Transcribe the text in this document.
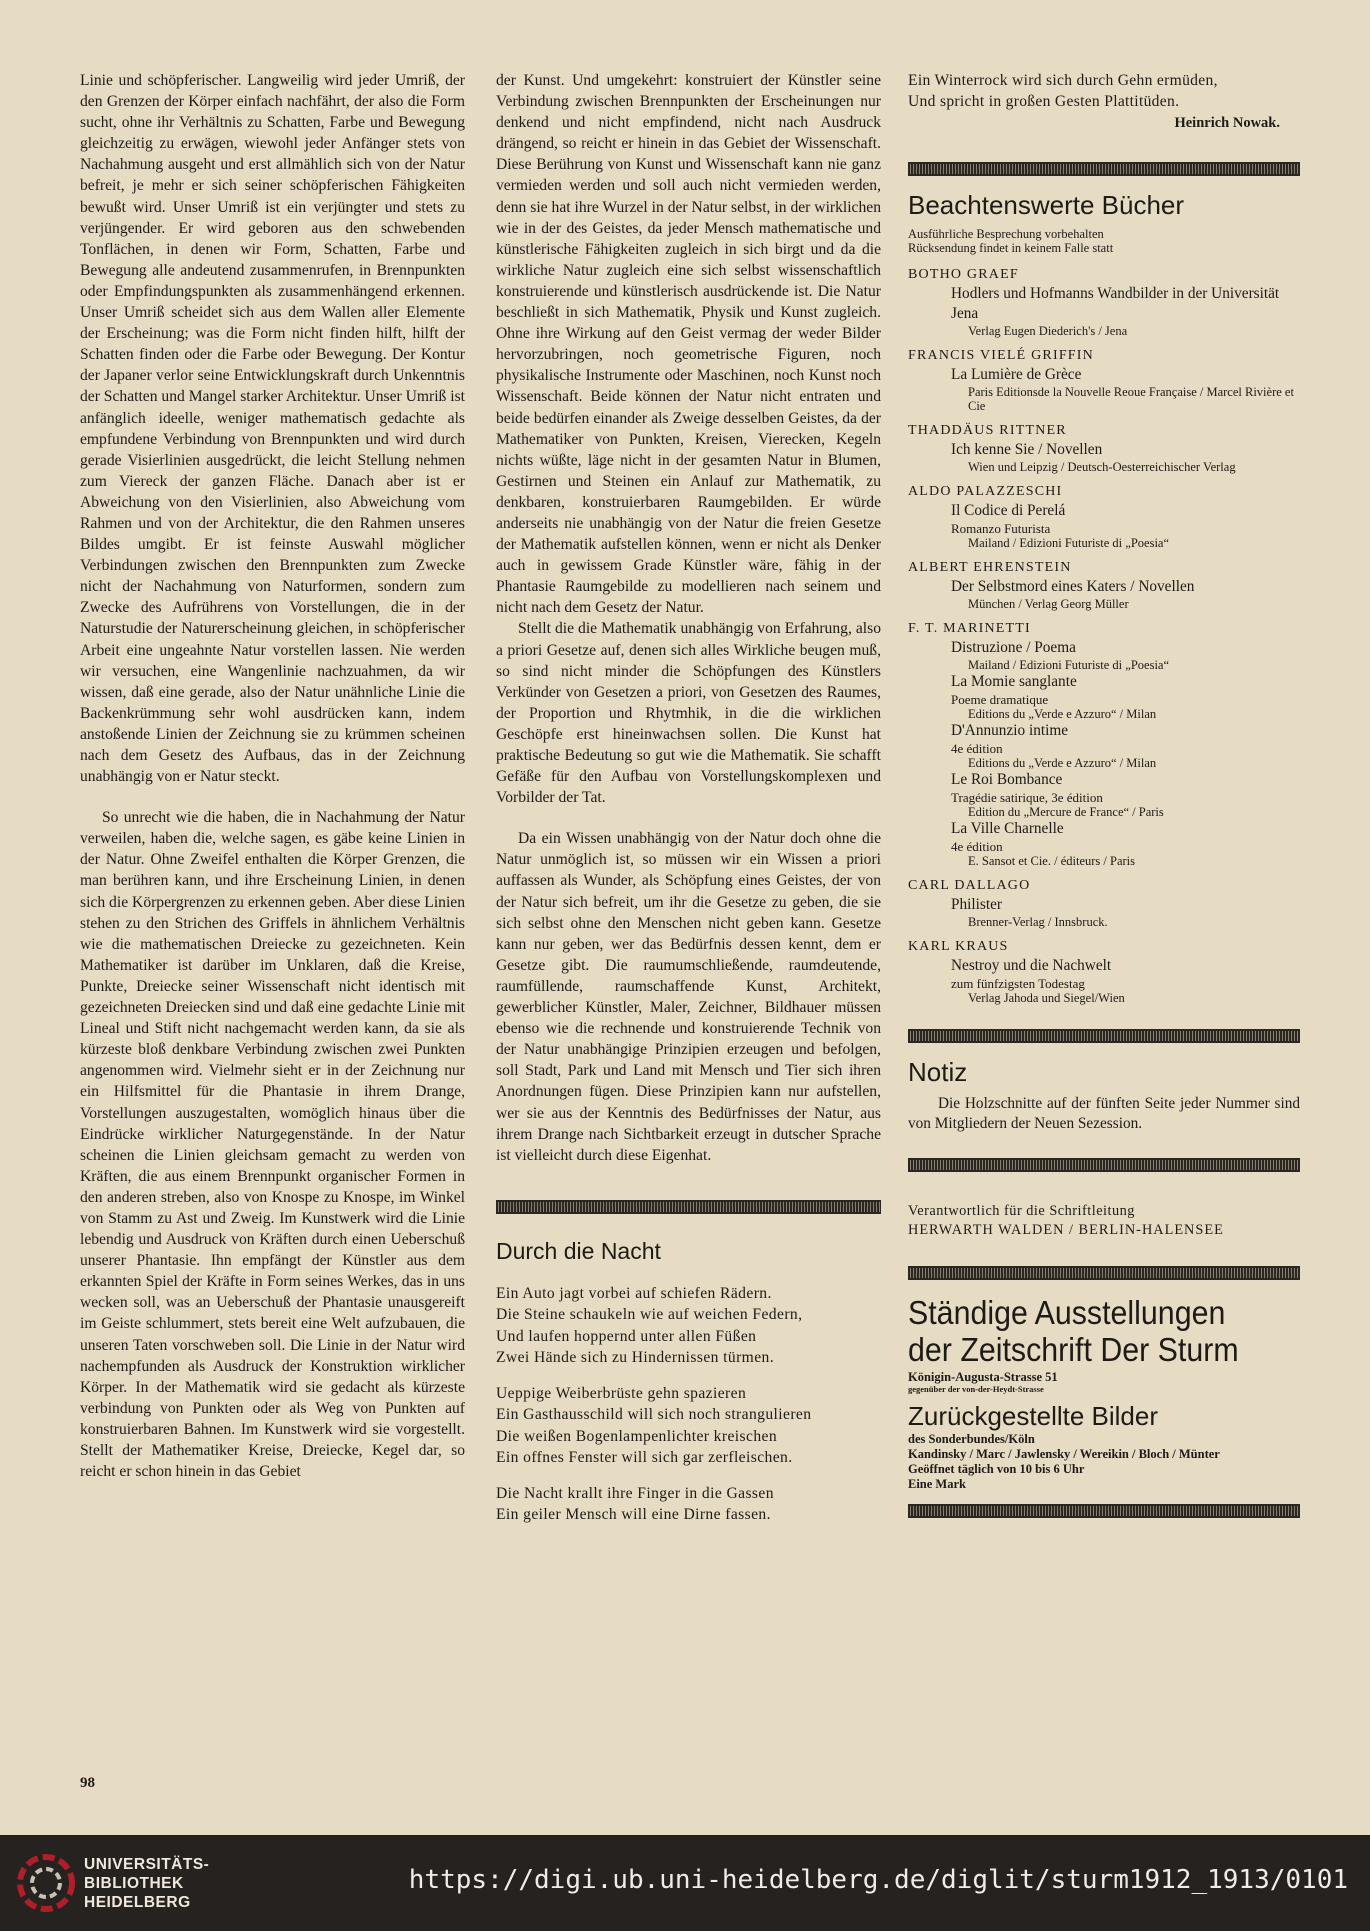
Linie und schöpferischer. Langweilig wird jeder Umriß, der den Grenzen der Körper einfach nachfährt, der also die Form sucht, ohne ihr Verhältnis zu Schatten, Farbe und Bewegung gleichzeitig zu erwägen, wiewohl jeder Anfänger stets von Nachahmung ausgeht und erst allmählich sich von der Natur befreit, je mehr er sich seiner schöpferischen Fähigkeiten bewußt wird. Unser Umriß ist ein verjüngter und stets zu verjüngender. Er wird geboren aus den schwebenden Tonflächen, in denen wir Form, Schatten, Farbe und Bewegung alle andeutend zusammenrufen, in Brennpunkten oder Empfindungspunkten als zusammenhängend erkennen. Unser Umriß scheidet sich aus dem Wallen aller Elemente der Erscheinung; was die Form nicht finden hilft, hilft der Schatten finden oder die Farbe oder Bewegung. Der Kontur der Japaner verlor seine Entwicklungskraft durch Unkenntnis der Schatten und Mangel starker Architektur. Unser Umriß ist anfänglich ideelle, weniger mathematisch gedachte als empfundene Verbindung von Brennpunkten und wird durch gerade Visierlinien ausgedrückt, die leicht Stellung nehmen zum Viereck der ganzen Fläche. Danach aber ist er Abweichung von den Visierlinien, also Abweichung vom Rahmen und von der Architektur, die den Rahmen unseres Bildes umgibt. Er ist feinste Auswahl möglicher Verbindungen zwischen den Brennpunkten zum Zwecke nicht der Nachahmung von Naturformen, sondern zum Zwecke des Aufrührens von Vorstellungen, die in der Naturstudie der Naturerscheinung gleichen, in schöpferischer Arbeit eine ungeahnte Natur vorstellen lassen. Nie werden wir versuchen, eine Wangenlinie nachzuahmen, da wir wissen, daß eine gerade, also der Natur unähnliche Linie die Backenkrümmung sehr wohl ausdrücken kann, indem anstoßende Linien der Zeichnung sie zu krümmen scheinen nach dem Gesetz des Aufbaus, das in der Zeichnung unabhängig von er Natur steckt.

So unrecht wie die haben, die in Nachahmung der Natur verweilen, haben die, welche sagen, es gäbe keine Linien in der Natur. Ohne Zweifel enthalten die Körper Grenzen, die man berühren kann, und ihre Erscheinung Linien, in denen sich die Körpergrenzen zu erkennen geben. Aber diese Linien stehen zu den Strichen des Griffels in ähnlichem Verhältnis wie die mathematischen Dreiecke zu gezeichneten. Kein Mathematiker ist darüber im Unklaren, daß die Kreise, Punkte, Dreiecke seiner Wissenschaft nicht identisch mit gezeichneten Dreiecken sind und daß eine gedachte Linie mit Lineal und Stift nicht nachgemacht werden kann, da sie als kürzeste bloß denkbare Verbindung zwischen zwei Punkten angenommen wird. Vielmehr sieht er in der Zeichnung nur ein Hilfsmittel für die Phantasie in ihrem Drange, Vorstellungen auszugestalten, womöglich hinaus über die Eindrücke wirklicher Naturgegenstände. In der Natur scheinen die Linien gleichsam gemacht zu werden von Kräften, die aus einem Brennpunkt organischer Formen in den anderen streben, also von Knospe zu Knospe, im Winkel von Stamm zu Ast und Zweig. Im Kunstwerk wird die Linie lebendig und Ausdruck von Kräften durch einen Ueberschuß unserer Phantasie. Ihn empfängt der Künstler aus dem erkannten Spiel der Kräfte in Form seines Werkes, das in uns wecken soll, was an Ueberschuß der Phantasie unausgereift im Geiste schlummert, stets bereit eine Welt aufzubauen, die unseren Taten vorschweben soll. Die Linie in der Natur wird nachempfunden als Ausdruck der Konstruktion wirklicher Körper. In der Mathematik wird sie gedacht als kürzeste verbindung von Punkten oder als Weg von Punkten auf konstruierbaren Bahnen. Im Kunstwerk wird sie vorgestellt. Stellt der Mathematiker Kreise, Dreiecke, Kegel dar, so reicht er schon hinein in das Gebiet

der Kunst. Und umgekehrt: konstruiert der Künstler seine Verbindung zwischen Brennpunkten der Erscheinungen nur denkend und nicht empfindend, nicht nach Ausdruck drängend, so reicht er hinein in das Gebiet der Wissenschaft. Diese Berührung von Kunst und Wissenschaft kann nie ganz vermieden werden und soll auch nicht vermieden werden, denn sie hat ihre Wurzel in der Natur selbst, in der wirklichen wie in der des Geistes, da jeder Mensch mathematische und künstlerische Fähigkeiten zugleich in sich birgt und da die wirkliche Natur zugleich eine sich selbst wissenschaftlich konstruierende und künstlerisch ausdrückende ist. Die Natur beschließt in sich Mathematik, Physik und Kunst zugleich. Ohne ihre Wirkung auf den Geist vermag der weder Bilder hervorzubringen, noch geometrische Figuren, noch physikalische Instrumente oder Maschinen, noch Kunst noch Wissenschaft. Beide können der Natur nicht entraten und beide bedürfen einander als Zweige desselben Geistes, da der Mathematiker von Punkten, Kreisen, Vierecken, Kegeln nichts wüßte, läge nicht in der gesamten Natur in Blumen, Gestirnen und Steinen ein Anlauf zur Mathematik, zu denkbaren, konstruierbaren Raumgebilden. Er würde anderseits nie unabhängig von der Natur die freien Gesetze der Mathematik aufstellen können, wenn er nicht als Denker auch in gewissem Grade Künstler wäre, fähig in der Phantasie Raumgebilde zu modellieren nach seinem und nicht nach dem Gesetz der Natur.

Stellt die die Mathematik unabhängig von Erfahrung, also a priori Gesetze auf, denen sich alles Wirkliche beugen muß, so sind nicht minder die Schöpfungen des Künstlers Verkünder von Gesetzen a priori, von Gesetzen des Raumes, der Proportion und Rhytmhik, in die die wirklichen Geschöpfe erst hineinwachsen sollen. Die Kunst hat praktische Bedeutung so gut wie die Mathematik. Sie schafft Gefäße für den Aufbau von Vorstellungskomplexen und Vorbilder der Tat.

Da ein Wissen unabhängig von der Natur doch ohne die Natur unmöglich ist, so müssen wir ein Wissen a priori auffassen als Wunder, als Schöpfung eines Geistes, der von der Natur sich befreit, um ihr die Gesetze zu geben, die sie sich selbst ohne den Menschen nicht geben kann. Gesetze kann nur geben, wer das Bedürfnis dessen kennt, dem er Gesetze gibt. Die raumumschließende, raumdeutende, raumfüllende, raumschaffende Kunst, Architekt, gewerblicher Künstler, Maler, Zeichner, Bildhauer müssen ebenso wie die rechnende und konstruierende Technik von der Natur unabhängige Prinzipien erzeugen und befolgen, soll Stadt, Park und Land mit Mensch und Tier sich ihren Anordnungen fügen. Diese Prinzipien kann nur aufstellen, wer sie aus der Kenntnis des Bedürfnisses der Natur, aus ihrem Drange nach Sichtbarkeit erzeugt in dutscher Sprache ist vielleicht durch diese Eigenhat.

Durch die Nacht
Ein Auto jagt vorbei auf schiefen Rädern.
Die Steine schaukeln wie auf weichen Federn,
Und laufen hoppernd unter allen Füßen
Zwei Hände sich zu Hindernissen türmen.
Ueppige Weiberbrüste gehn spazieren
Ein Gasthausschild will sich noch strangulieren
Die weißen Bogenlampenlichter kreischen
Ein offnes Fenster will sich gar zerfleischen.
Die Nacht krallt ihre Finger in die Gassen
Ein geiler Mensch will eine Dirne fassen.
Ein Winterrock wird sich durch Gehn ermüden,
Und spricht in großen Gesten Plattitüden.
Heinrich Nowak.
Beachtenswerte Bücher
Ausführliche Besprechung vorbehalten
Rücksendung findet in keinem Falle statt
BOTHO GRAEF
Hodlers und Hofmanns Wandbilder in der Universität Jena
Verlag Eugen Diederich's / Jena
FRANCIS VIELÉ GRIFFIN
La Lumière de Grèce
Paris Editionsde la Nouvelle Reoue Française / Marcel Rivière et Cie
THADDÄUS RITTNER
Ich kenne Sie / Novellen
Wien und Leipzig / Deutsch-Oesterreichischer Verlag
ALDO PALAZZESCHI
Il Codice di Perelá
Romanzo Futurista
Mailand / Edizioni Futuriste di „Poesia“
ALBERT EHRENSTEIN
Der Selbstmord eines Katers / Novellen
München / Verlag Georg Müller
F. T. MARINETTI
Distruzione / Poema
Mailand / Edizioni Futuriste di „Poesia“
La Momie sanglante
Poeme dramatique
Editions du „Verde e Azzuro“ / Milan
D'Annunzio intime
4e édition
Editions du „Verde e Azzuro“ / Milan
Le Roi Bombance
Tragédie satirique, 3e édition
Edition du „Mercure de France“ / Paris
La Ville Charnelle
4e édition
E. Sansot et Cie. / éditeurs / Paris
CARL DALLAGO
Philister
Brenner-Verlag / Innsbruck.
KARL KRAUS
Nestroy und die Nachwelt
zum fünfzigsten Todestag
Verlag Jahoda und Siegel/Wien
Notiz

Die Holzschnitte auf der fünften Seite jeder Nummer sind von Mitgliedern der Neuen Sezession.

Verantwortlich für die Schriftleitung
HERWARTH WALDEN / BERLIN-HALENSEE
Ständige Ausstellungen
der Zeitschrift Der Sturm
Königin-Augusta-Strasse 51
gegenüber der von-der-Heydt-Strasse
Zurückgestellte Bilder
des Sonderbundes/Köln
Kandinsky / Marc / Jawlensky / Wereikin / Bloch / Münter
Geöffnet täglich von 10 bis 6 Uhr
Eine Mark
98
UNIVERSITÄTS-
BIBLIOTHEK
HEIDELBERG
https://digi.ub.uni-heidelberg.de/diglit/sturm1912_1913/0101
